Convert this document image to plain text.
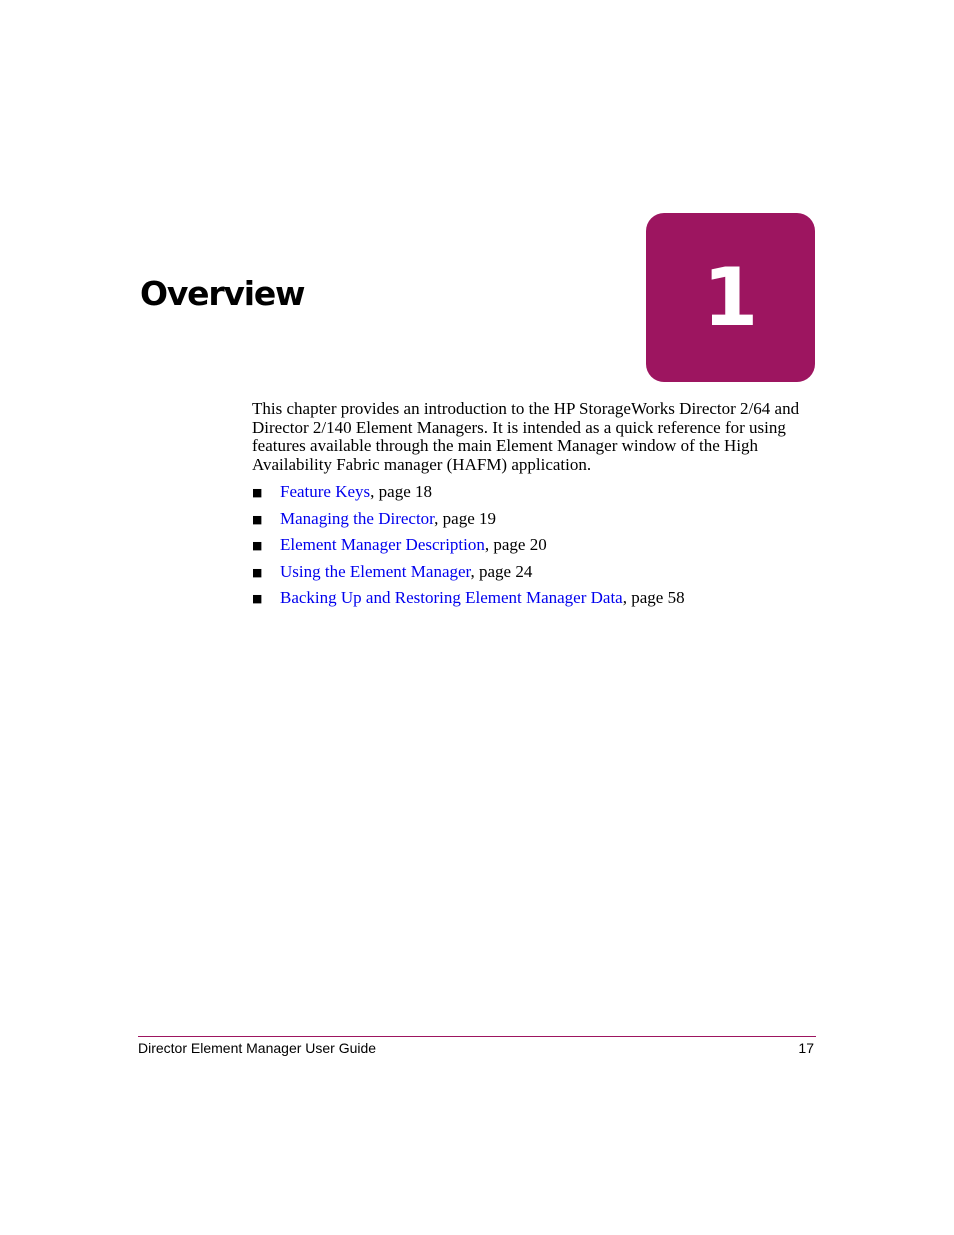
Overview	1

This chapter provides an introduction to the HP StorageWorks Director 2/64 and Director 2/140 Element Managers. It is intended as a quick reference for using features available through the main Element Manager window of the High Availability Fabric manager (HAFM) application.

■ Feature Keys, page 18
■ Managing the Director, page 19
■ Element Manager Description, page 20
■ Using the Element Manager, page 24
■ Backing Up and Restoring Element Manager Data, page 58
Director Element Manager User Guide	17
